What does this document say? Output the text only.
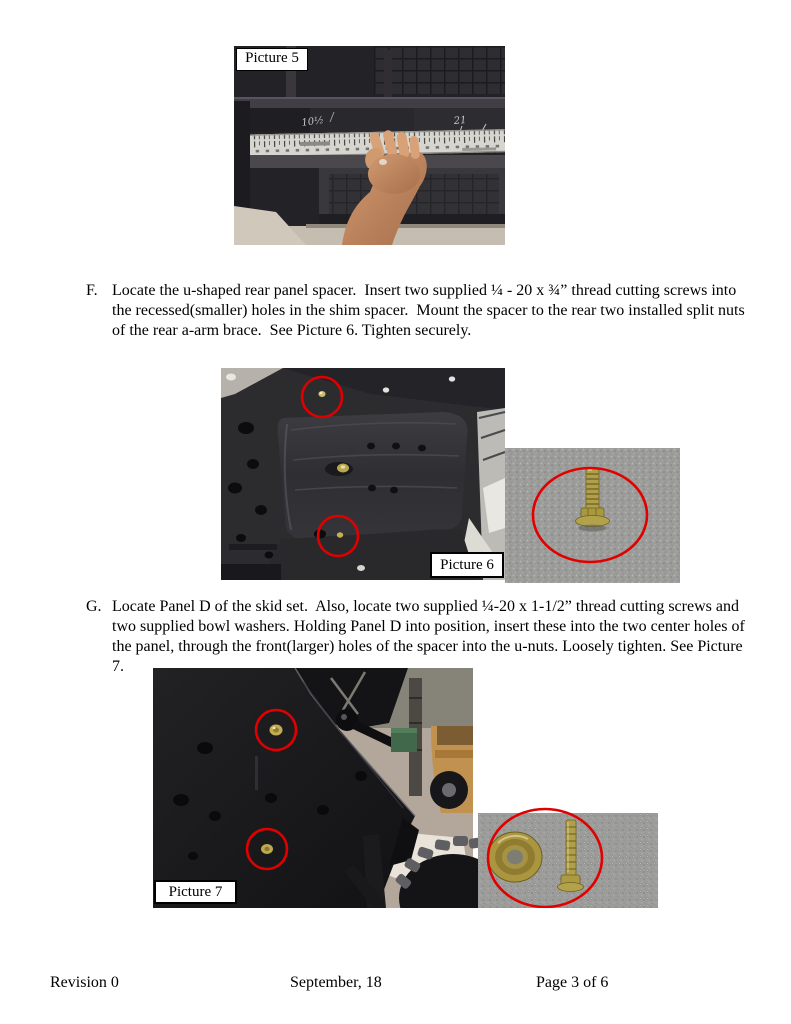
10½	21
Picture 5
F. Locate the u-shaped rear panel spacer.  Insert two supplied ¼ - 20 x ¾” thread cutting screws into the recessed(smaller) holes in the shim spacer.  Mount the spacer to the rear two installed split nuts of the rear a-arm brace.  See Picture 6. Tighten securely.
Picture 6
G. Locate Panel D of the skid set.  Also, locate two supplied ¼-20 x 1-1/2” thread cutting screws and two supplied bowl washers. Holding Panel D into position, insert these into the two center holes of the panel, through the front(larger) holes of the spacer into the u-nuts. Loosely tighten. See Picture 7.
Picture 7
Revision 0	September, 18	Page 3 of 6
